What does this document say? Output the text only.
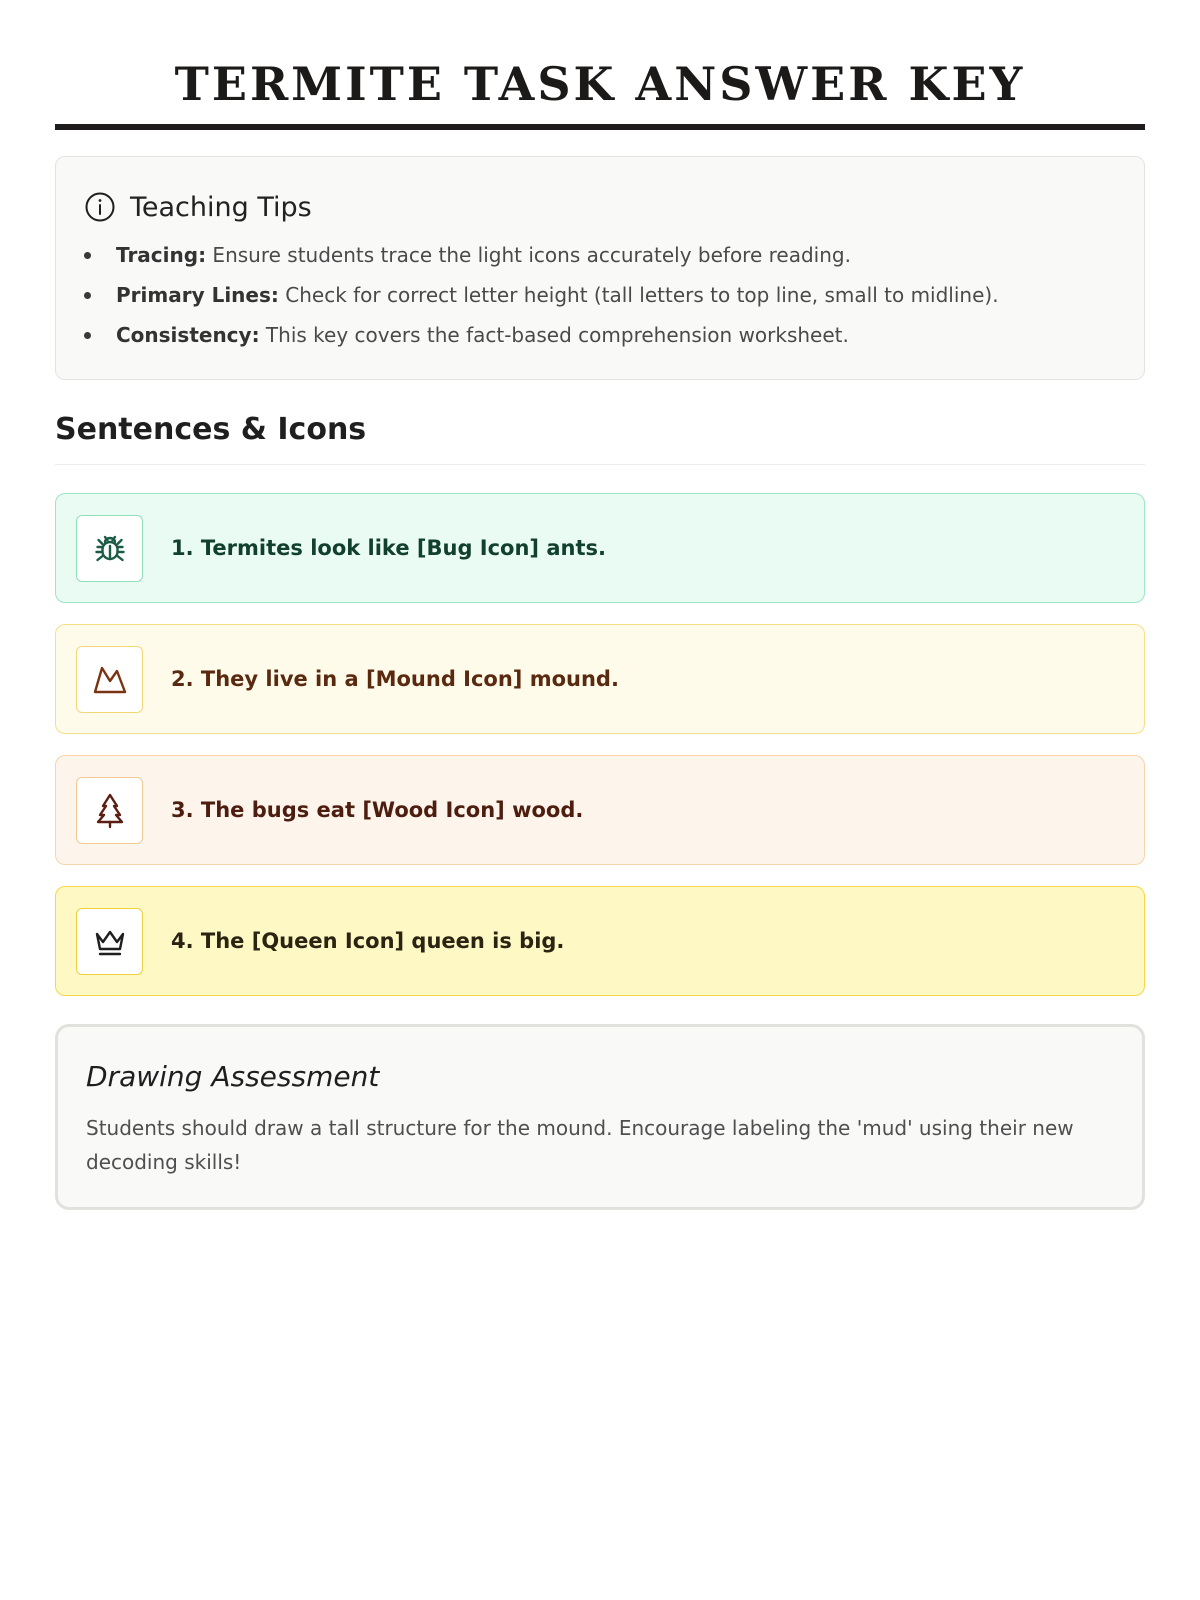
TERMITE TASK ANSWER KEY
Teaching Tips
Tracing: Ensure students trace the light icons accurately before reading.
Primary Lines: Check for correct letter height (tall letters to top line, small to midline).
Consistency: This key covers the fact-based comprehension worksheet.
Sentences & Icons
1. Termites look like [Bug Icon] ants.
2. They live in a [Mound Icon] mound.
3. The bugs eat [Wood Icon] wood.
4. The [Queen Icon] queen is big.
Drawing Assessment
Students should draw a tall structure for the mound. Encourage labeling the 'mud' using their new decoding skills!
